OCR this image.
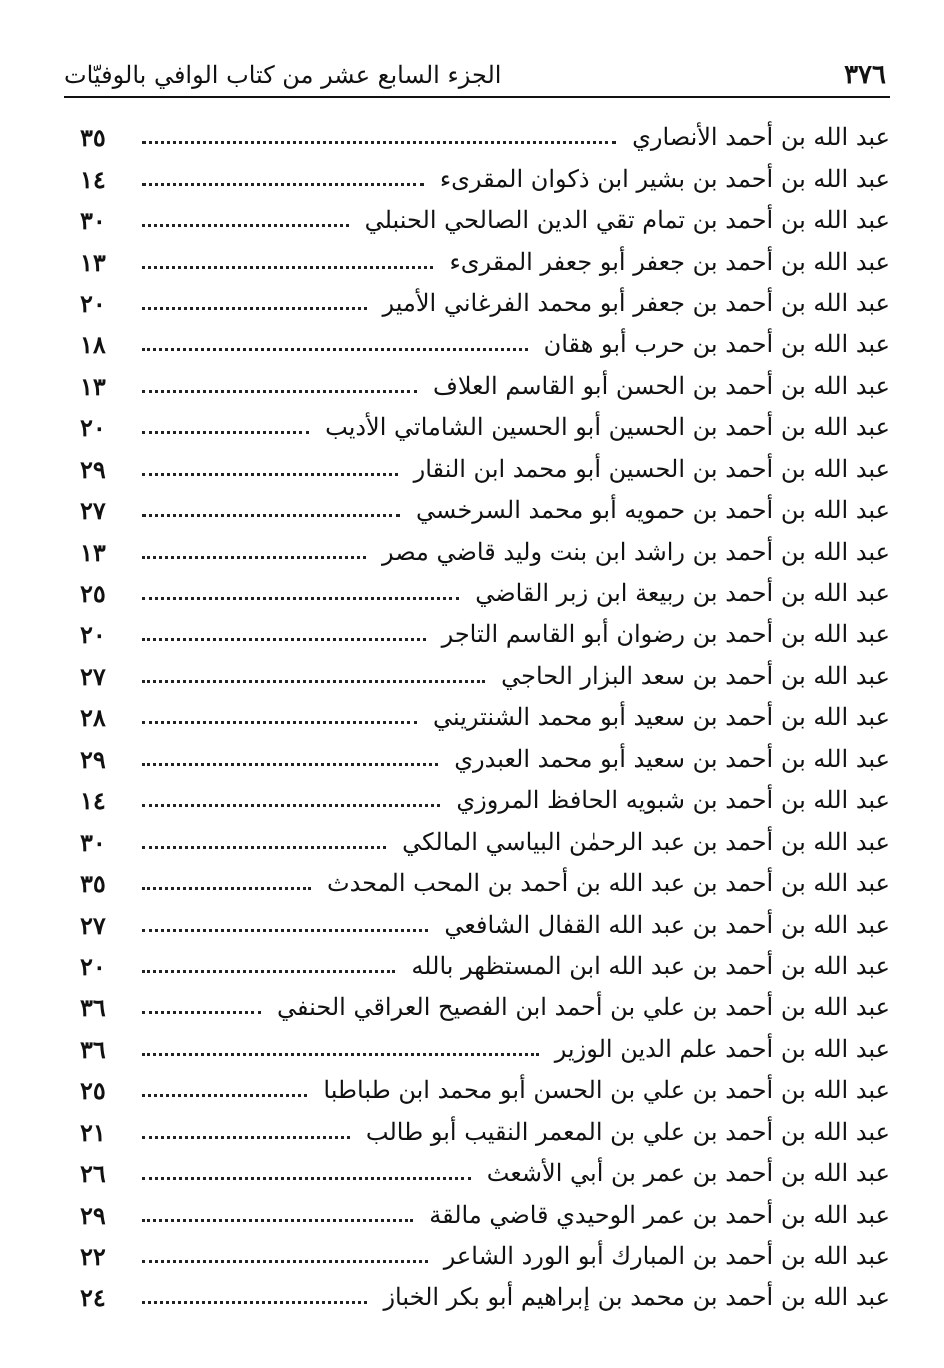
٣٧٦
الجزء السابع عشر من كتاب الوافي بالوفيّات
عبد الله بن أحمد الأنصاري
٣٥
عبد الله بن أحمد بن بشير ابن ذكوان المقرىء
١٤
عبد الله بن أحمد بن تمام تقي الدين الصالحي الحنبلي
٣٠
عبد الله بن أحمد بن جعفر أبو جعفر المقرىء
١٣
عبد الله بن أحمد بن جعفر أبو محمد الفرغاني الأمير
٢٠
عبد الله بن أحمد بن حرب أبو هقان
١٨
عبد الله بن أحمد بن الحسن أبو القاسم العلاف
١٣
عبد الله بن أحمد بن الحسين أبو الحسين الشاماتي الأديب
٢٠
عبد الله بن أحمد بن الحسين أبو محمد ابن النقار
٢٩
عبد الله بن أحمد بن حمويه أبو محمد السرخسي
٢٧
عبد الله بن أحمد بن راشد ابن بنت وليد قاضي مصر
١٣
عبد الله بن أحمد بن ربيعة ابن زبر القاضي
٢٥
عبد الله بن أحمد بن رضوان أبو القاسم التاجر
٢٠
عبد الله بن أحمد بن سعد البزار الحاجي
٢٧
عبد الله بن أحمد بن سعيد أبو محمد الشنتريني
٢٨
عبد الله بن أحمد بن سعيد أبو محمد العبدري
٢٩
عبد الله بن أحمد بن شبويه الحافظ المروزي
١٤
عبد الله بن أحمد بن عبد الرحمٰن البياسي المالكي
٣٠
عبد الله بن أحمد بن عبد الله بن أحمد بن المحب المحدث
٣٥
عبد الله بن أحمد بن عبد الله القفال الشافعي
٢٧
عبد الله بن أحمد بن عبد الله ابن المستظهر بالله
٢٠
عبد الله بن أحمد بن علي بن أحمد ابن الفصيح العراقي الحنفي
٣٦
عبد الله بن أحمد علم الدين الوزير
٣٦
عبد الله بن أحمد بن علي بن الحسن أبو محمد ابن طباطبا
٢٥
عبد الله بن أحمد بن علي بن المعمر النقيب أبو طالب
٢١
عبد الله بن أحمد بن عمر بن أبي الأشعث
٢٦
عبد الله بن أحمد بن عمر الوحيدي قاضي مالقة
٢٩
عبد الله بن أحمد بن المبارك أبو الورد الشاعر
٢٢
عبد الله بن أحمد بن محمد بن إبراهيم أبو بكر الخباز
٢٤
